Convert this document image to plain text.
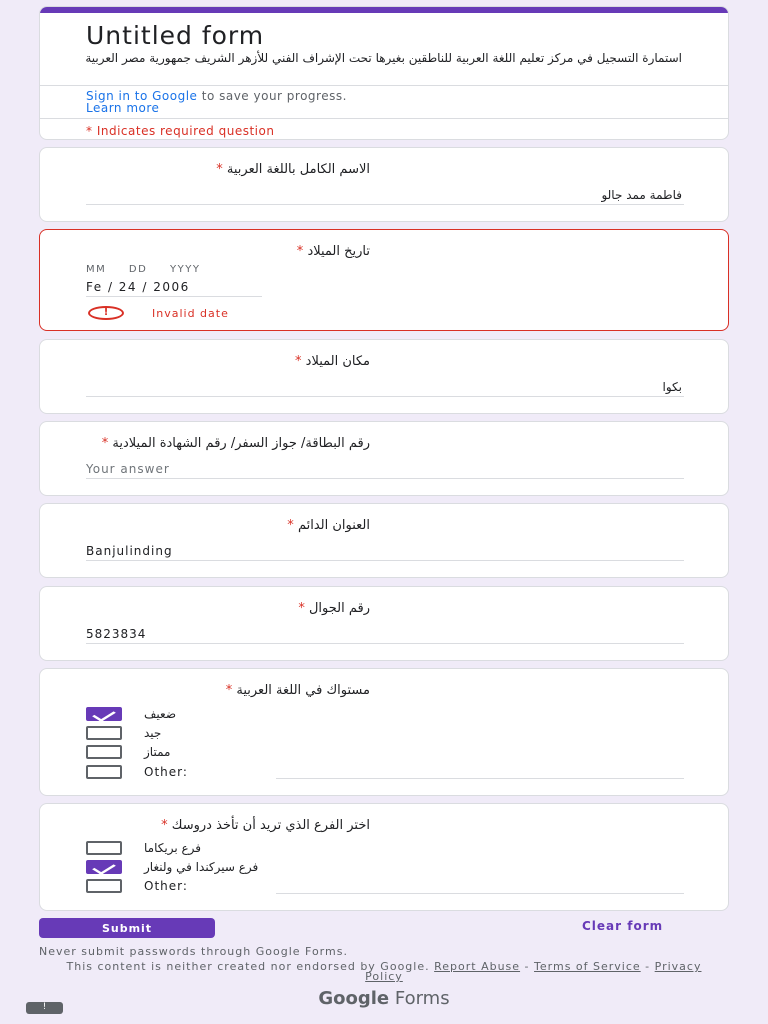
Untitled form
استمارة التسجيل في مركز تعليم اللغة العربية للناطقين بغيرها تحت الإشراف الفني للأزهر الشريف جمهورية مصر العربية
Sign in to Google to save your progress.
Learn more
* Indicates required question
الاسم الكامل باللغة العربية *
فاطمة ممد جالو
تاريخ الميلاد *
MM DD YYYY
Fe / 24 / 2006
!	Invalid date
مكان الميلاد *
بكوا
رقم البطاقة/ جواز السفر/ رقم الشهادة الميلادية *
Your answer
العنوان الدائم *
Banjulinding
رقم الجوال *
5823834
مستواك في اللغة العربية *
ضعيف
جيد
ممتاز
Other:
اختر الفرع الذي تريد أن تأخذ دروسك *
فرع بريكاما
فرع سيركندا في ولنغار
Other:
Submit	Clear form
Never submit passwords through Google Forms.
This content is neither created nor endorsed by Google. Report Abuse - Terms of Service - Privacy Policy
Google Forms
!
